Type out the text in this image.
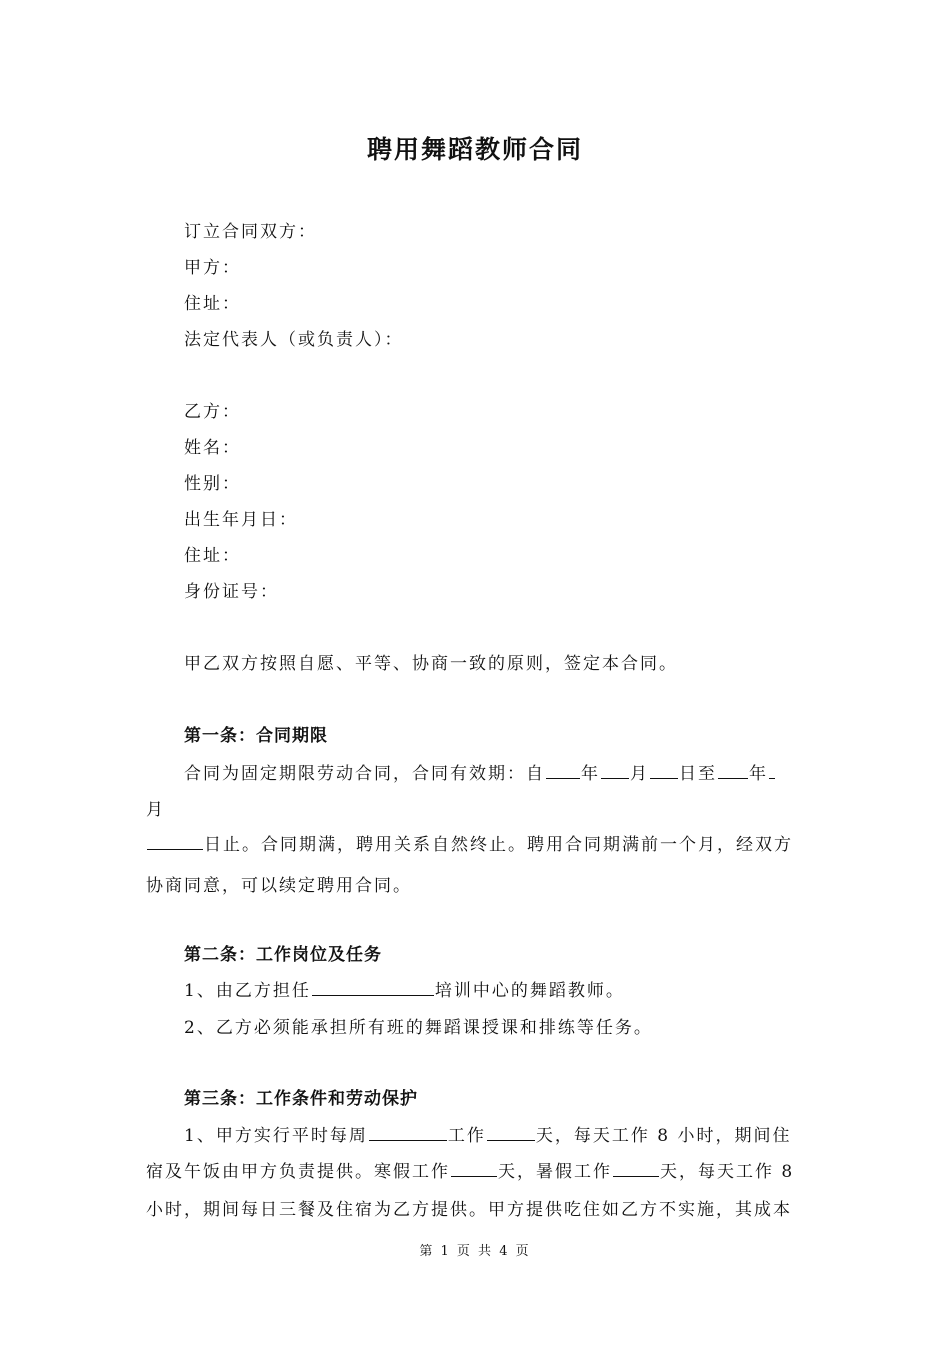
聘用舞蹈教师合同
订立合同双方：
甲方：
住址：
法定代表人（或负责人）：
乙方：
姓名：
性别：
出生年月日：
住址：
身份证号：
甲乙双方按照自愿、平等、协商一致的原则，签定本合同。
第一条：合同期限
合同为固定期限劳动合同，合同有效期：自 年 月 日至 年
月
日止。合同期满，聘用关系自然终止。聘用合同期满前一个月，经双方
协商同意，可以续定聘用合同。
第二条：工作岗位及任务
1、由乙方担任	培训中心的舞蹈教师。
2、乙方必须能承担所有班的舞蹈课授课和排练等任务。
第三条：工作条件和劳动保护
1、甲方实行平时每周	工作	天，每天工作 8 小时，期间住
宿及午饭由甲方负责提供。寒假工作	天，暑假工作	天，每天工作 8
小时，期间每日三餐及住宿为乙方提供。甲方提供吃住如乙方不实施，其成本
第 1 页 共 4 页
